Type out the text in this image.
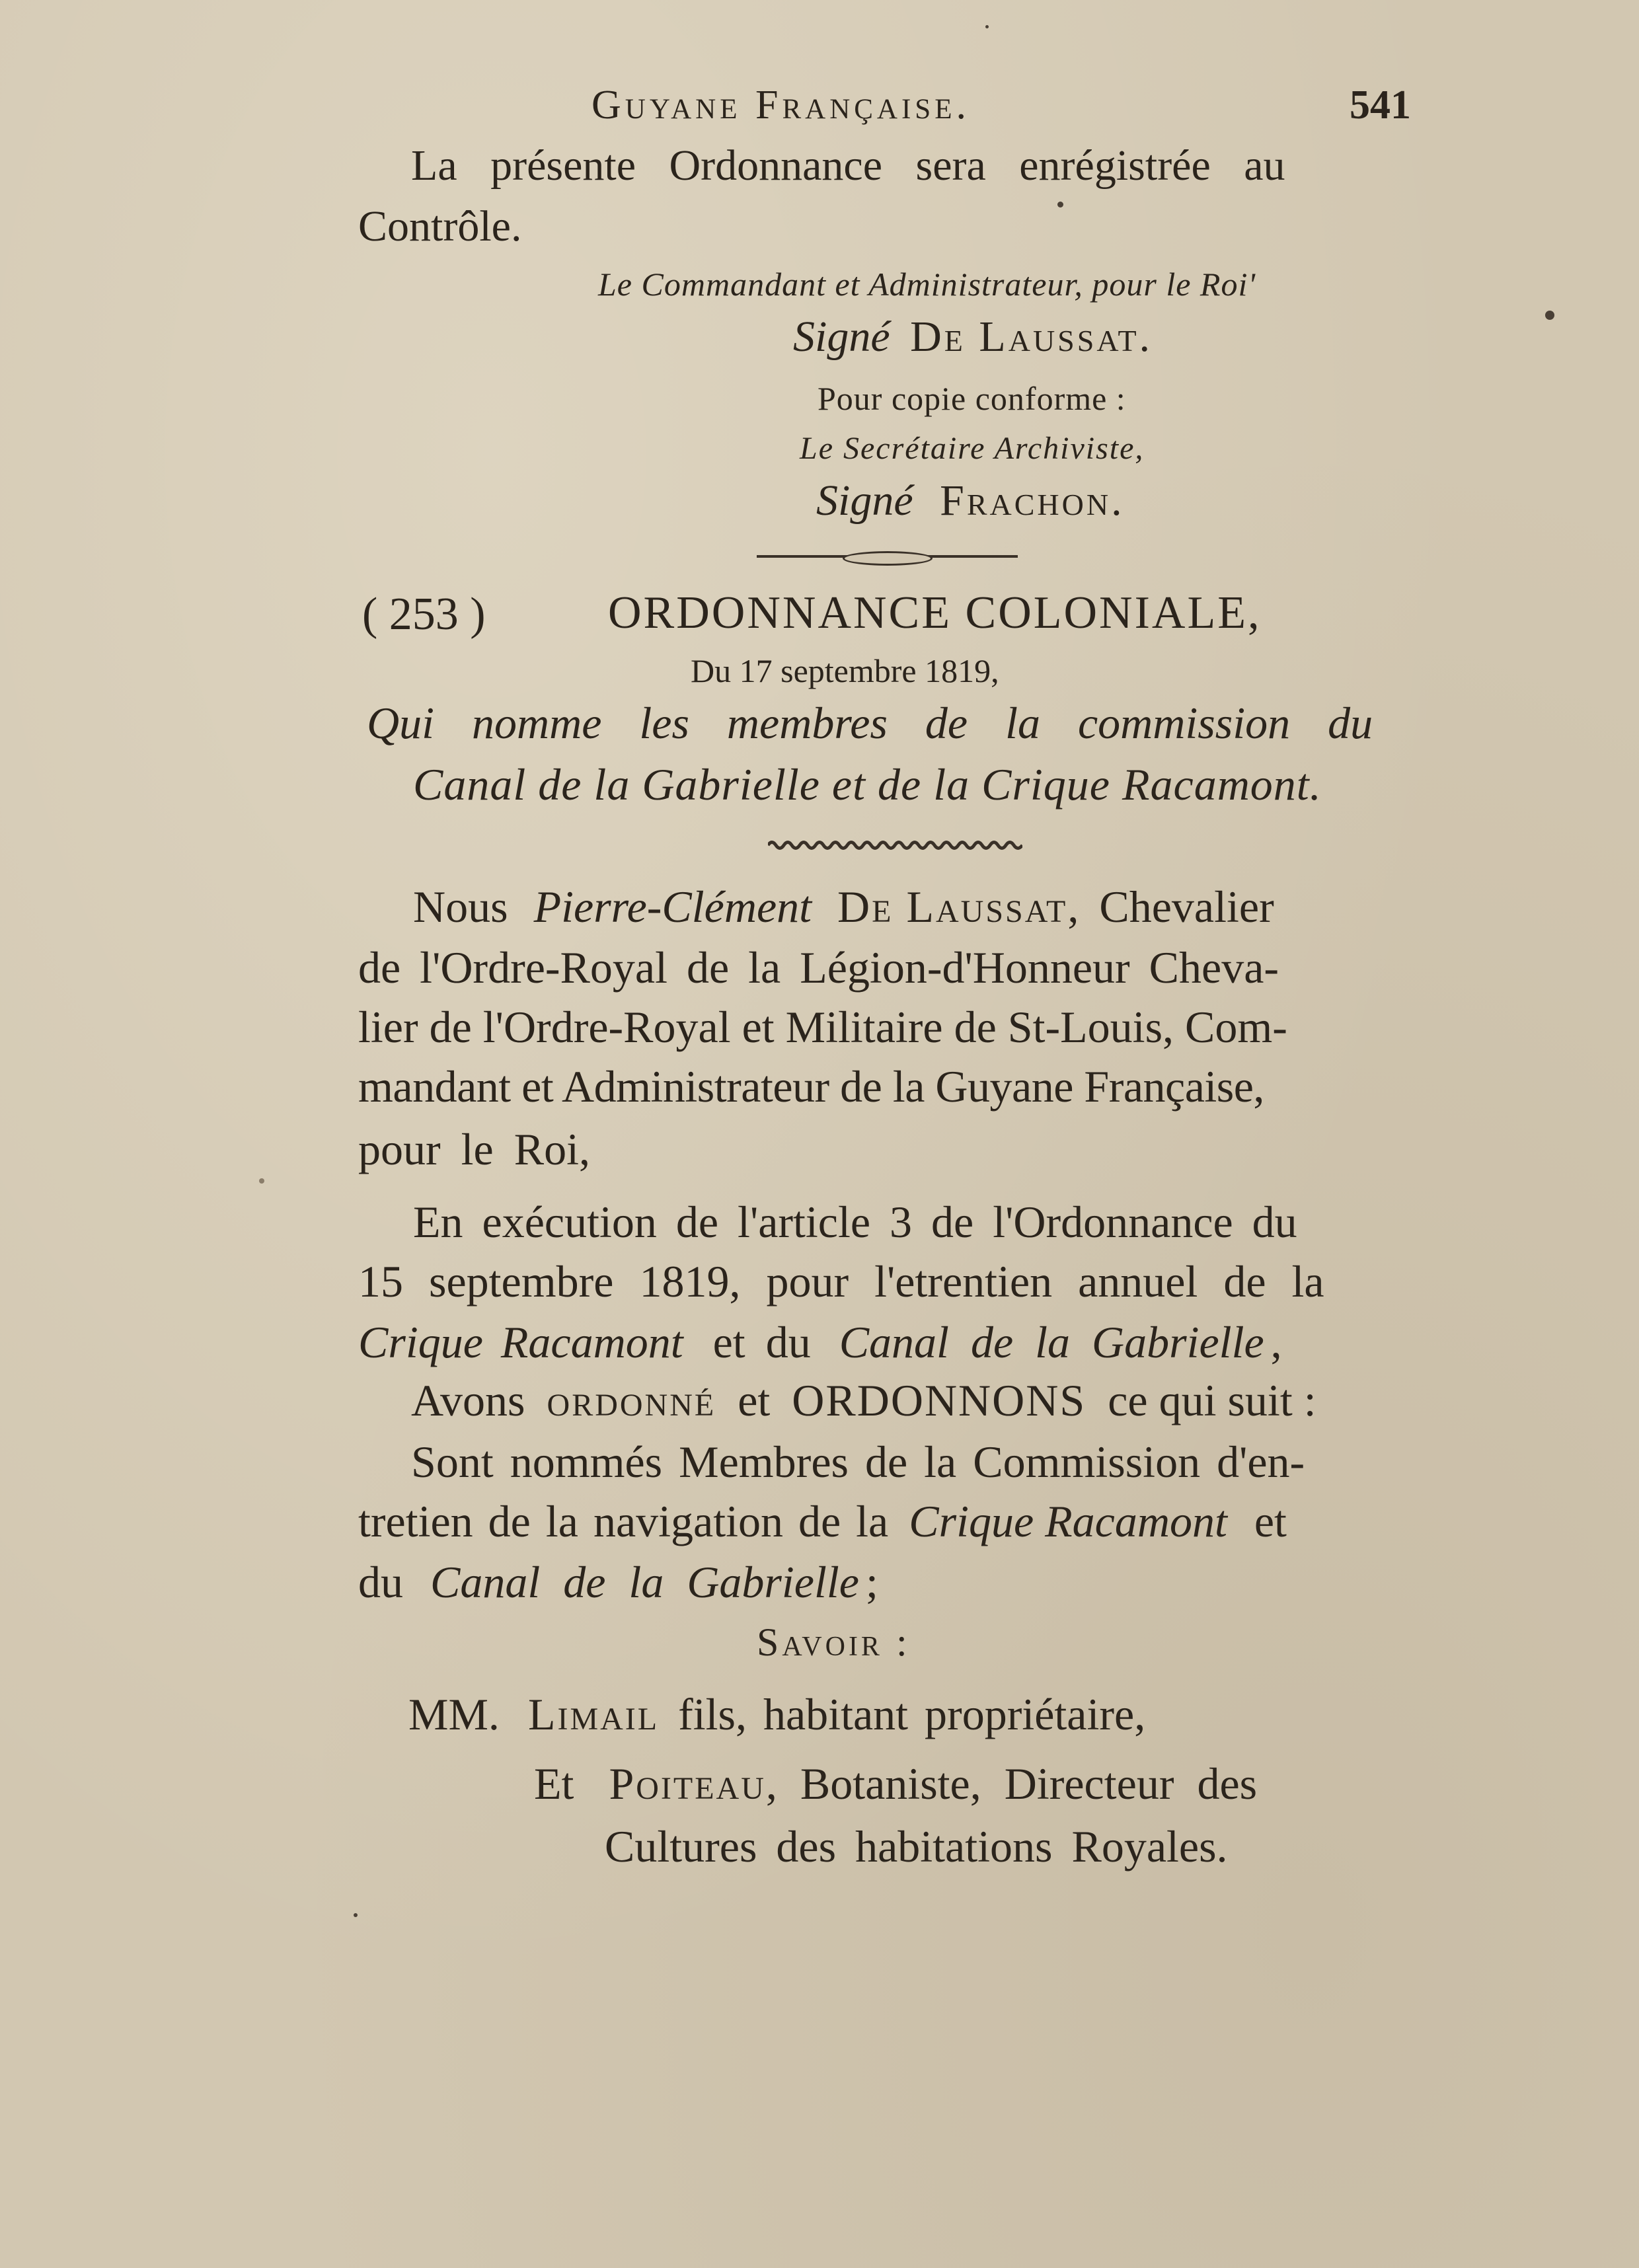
Guyane Française.	541
La présente Ordonnance sera enrégistrée au
Contrôle.
Le Commandant et Administrateur, pour le Roi'
Signé De Laussat.
Pour copie conforme :
Le Secrétaire Archiviste,
Signé Frachon.
( 253 )	ORDONNANCE COLONIALE,
Du 17 septembre 1819,
Qui nomme les membres de la commission du
Canal de la Gabrielle et de la Crique Racamont.
Nous Pierre-Clément De Laussat, Chevalier
de l'Ordre-Royal de la Légion-d'Honneur Cheva-
lier de l'Ordre-Royal et Militaire de St-Louis, Com-
mandant et Administrateur de la Guyane Française,
pour le Roi,
En exécution de l'article 3 de l'Ordonnance du
15 septembre 1819, pour l'etrentien annuel de la
Crique Racamont et du Canal de la Gabrielle ,
Avons ordonné et ORDONNONS ce qui suit :
Sont nommés Membres de la Commission d'en-
tretien de la navigation de la Crique Racamont et
du Canal de la Gabrielle ;
Savoir :
MM. Limail fils, habitant propriétaire,
Et Poiteau, Botaniste, Directeur des
Cultures des habitations Royales.
